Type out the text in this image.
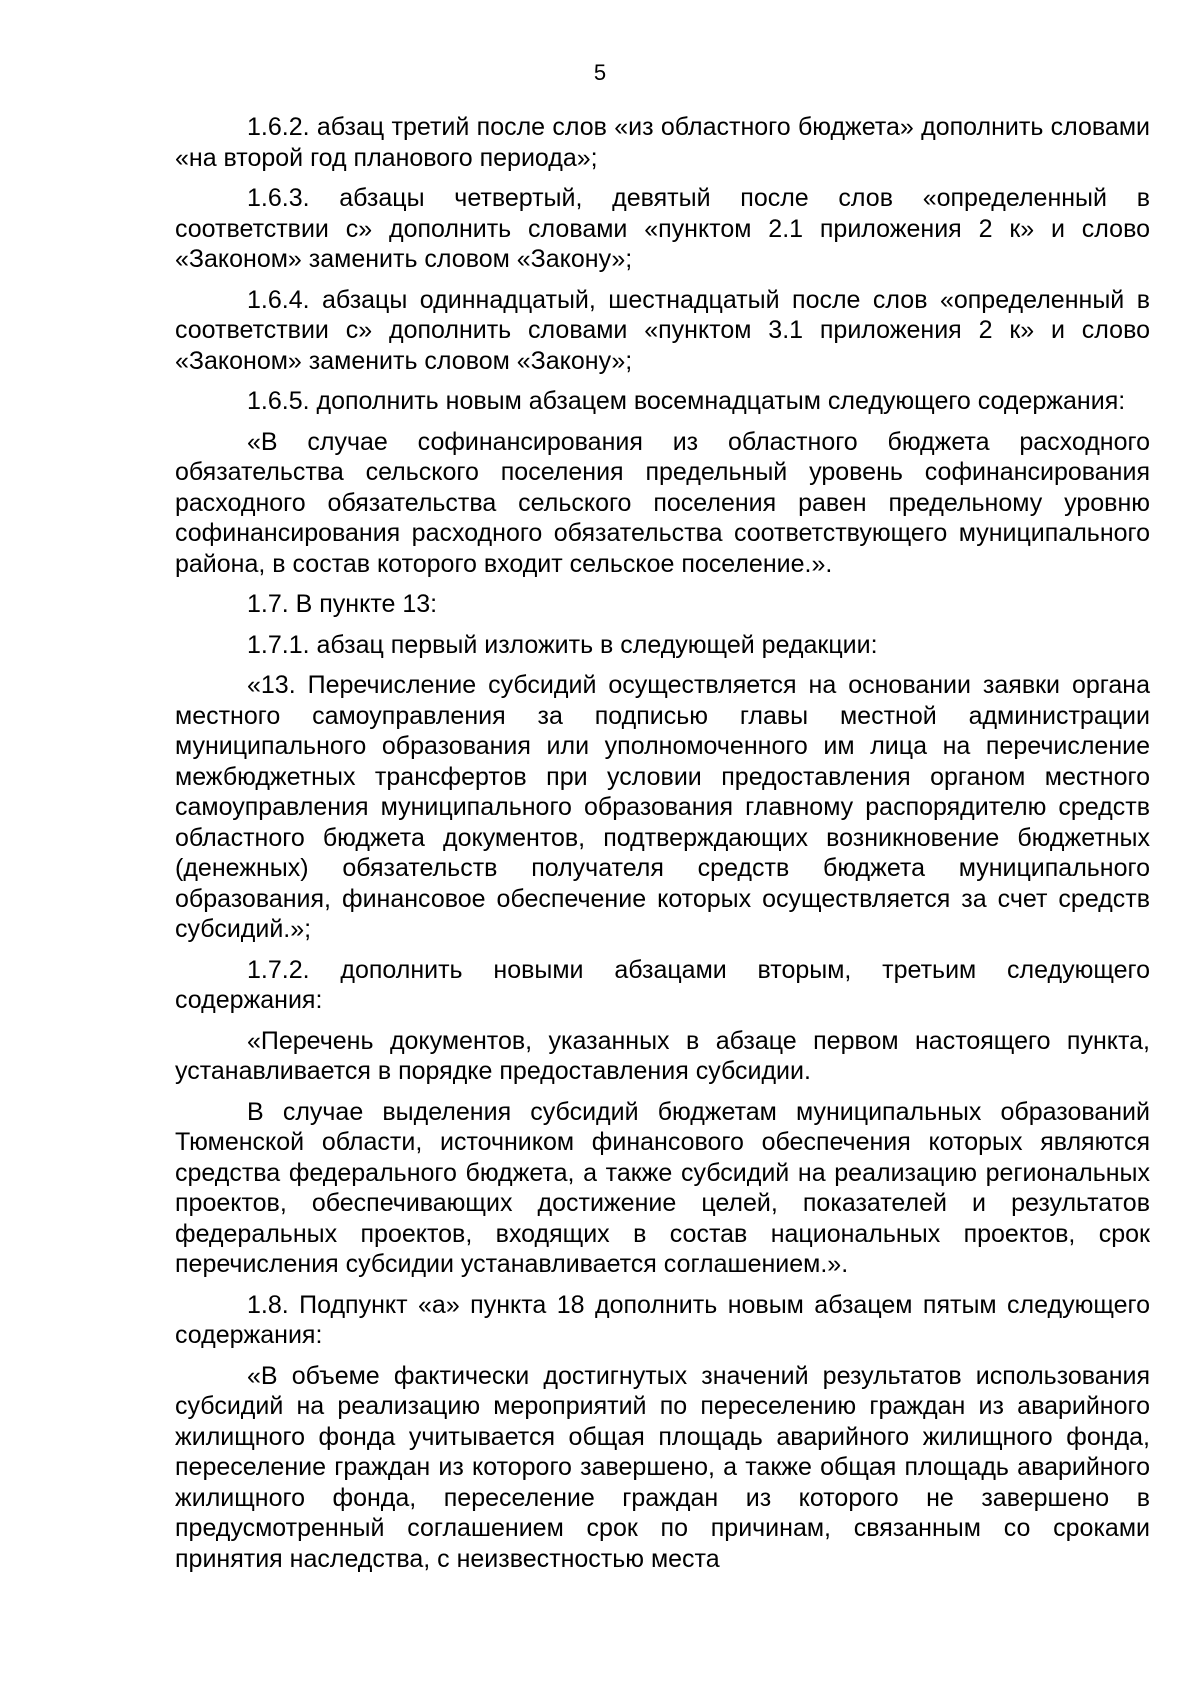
5

1.6.2. абзац третий после слов «из областного бюджета» дополнить словами «на второй год планового периода»;

1.6.3. абзацы четвертый, девятый после слов «определенный в соответствии с» дополнить словами «пунктом 2.1 приложения 2 к» и слово «Законом» заменить словом «Закону»;

1.6.4. абзацы одиннадцатый, шестнадцатый после слов «определенный в соответствии с» дополнить словами «пунктом 3.1 приложения 2 к» и слово «Законом» заменить словом «Закону»;

1.6.5. дополнить новым абзацем восемнадцатым следующего содержания:

«В случае софинансирования из областного бюджета расходного обязательства сельского поселения предельный уровень софинансирования расходного обязательства сельского поселения равен предельному уровню софинансирования расходного обязательства соответствующего муниципального района, в состав которого входит сельское поселение.».

1.7. В пункте 13:

1.7.1. абзац первый изложить в следующей редакции:

«13. Перечисление субсидий осуществляется на основании заявки органа местного самоуправления за подписью главы местной администрации муниципального образования или уполномоченного им лица на перечисление межбюджетных трансфертов при условии предоставления органом местного самоуправления муниципального образования главному распорядителю средств областного бюджета документов, подтверждающих возникновение бюджетных (денежных) обязательств получателя средств бюджета муниципального образования, финансовое обеспечение которых осуществляется за счет средств субсидий.»;

1.7.2. дополнить новыми абзацами вторым, третьим следующего содержания:

«Перечень документов, указанных в абзаце первом настоящего пункта, устанавливается в порядке предоставления субсидии.

В случае выделения субсидий бюджетам муниципальных образований Тюменской области, источником финансового обеспечения которых являются средства федерального бюджета, а также субсидий на реализацию региональных проектов, обеспечивающих достижение целей, показателей и результатов федеральных проектов, входящих в состав национальных проектов, срок перечисления субсидии устанавливается соглашением.».

1.8. Подпункт «а» пункта 18 дополнить новым абзацем пятым следующего содержания:

«В объеме фактически достигнутых значений результатов использования субсидий на реализацию мероприятий по переселению граждан из аварийного жилищного фонда учитывается общая площадь аварийного жилищного фонда, переселение граждан из которого завершено, а также общая площадь аварийного жилищного фонда, переселение граждан из которого не завершено в предусмотренный соглашением срок по причинам, связанным со сроками принятия наследства, с неизвестностью места
